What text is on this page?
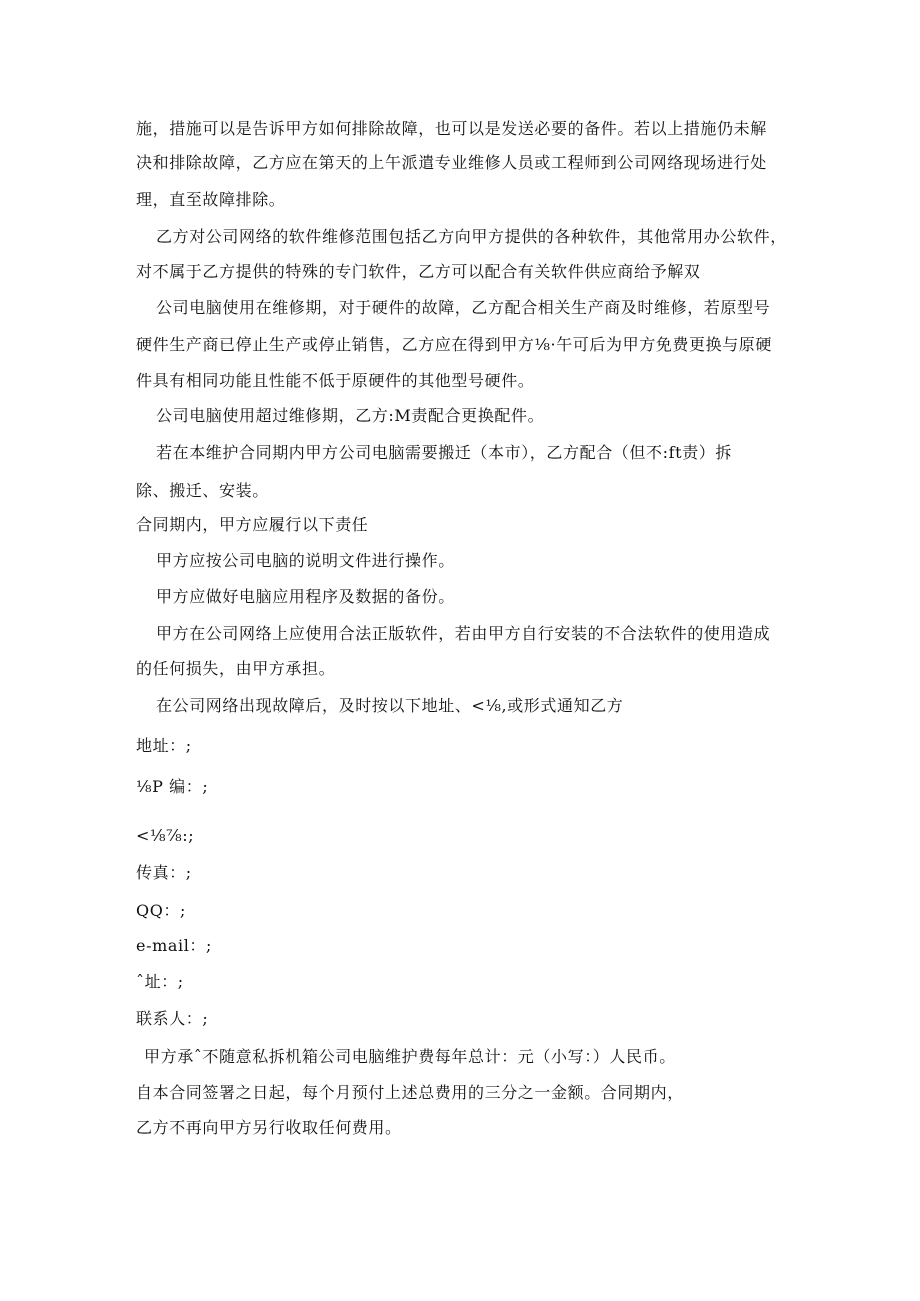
施，措施可以是告诉甲方如何排除故障，也可以是发送必要的备件。若以上措施仍未解
决和排除故障，乙方应在第天的上午派遣专业维修人员或工程师到公司网络现场进行处
理，直至故障排除。
乙方对公司网络的软件维修范围包括乙方向甲方提供的各种软件，其他常用办公软件，
对不属于乙方提供的特殊的专门软件，乙方可以配合有关软件供应商给予解双
公司电脑使用在维修期，对于硬件的故障，乙方配合相关生产商及时维修，若原型号
硬件生产商已停止生产或停止销售，乙方应在得到甲方⅛·午可后为甲方免费更换与原硬
件具有相同功能且性能不低于原硬件的其他型号硬件。
公司电脑使用超过维修期，乙方:M责配合更换配件。
若在本维护合同期内甲方公司电脑需要搬迁（本市），乙方配合（但不:ft责）拆
除、搬迁、安装。
合同期内，甲方应履行以下责任
甲方应按公司电脑的说明文件进行操作。
甲方应做好电脑应用程序及数据的备份。
甲方在公司网络上应使用合法正版软件，若由甲方自行安装的不合法软件的使用造成
的任何损失，由甲方承担。
在公司网络出现故障后，及时按以下地址、<⅛,或形式通知乙方
地址：;
⅛P 编：;
<⅛⅞:;
传真：;
QQ：;
e-mail：;
ˆ址：;
联系人：;
甲方承ˆ不随意私拆机箱公司电脑维护费每年总计：元（小写：）人民币。
自本合同签署之日起，每个月预付上述总费用的三分之一金额。合同期内，
乙方不再向甲方另行收取任何费用。
